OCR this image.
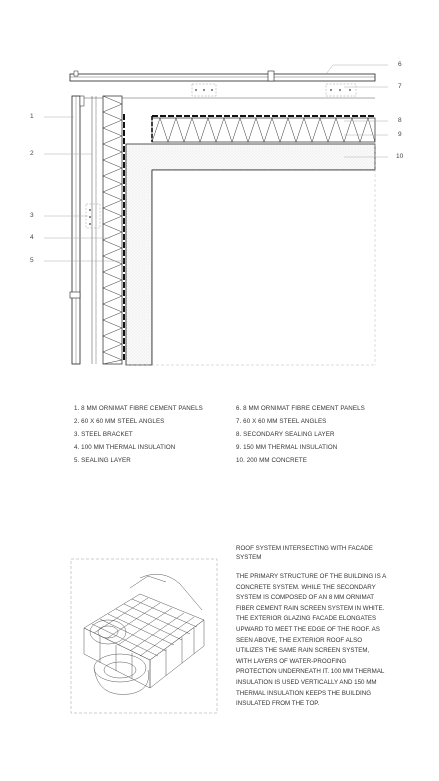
1
2
3
4
5
6
7
8
9
10
1. 8 MM ORNIMAT FIBRE CEMENT PANELS
2. 60 X 60 MM STEEL ANGLES
3. STEEL BRACKET
4. 100 MM THERMAL INSULATION
5. SEALING LAYER
6. 8 MM ORNIMAT FIBRE CEMENT PANELS
7. 60 X 60 MM STEEL ANGLES
8. SECONDARY SEALING LAYER
9. 150 MM THERMAL INSULATION
10. 200 MM CONCRETE
ROOF SYSTEM INTERSECTING WITH FACADE SYSTEM
THE PRIMARY STRUCTURE OF THE BUILDING IS A CONCRETE SYSTEM. WHILE THE SECONDARY SYSTEM IS COMPOSED OF AN 8 MM ORNIMAT FIBER CEMENT RAIN SCREEN SYSTEM IN WHITE. THE EXTERIOR GLAZING FACADE ELONGATES UPWARD TO MEET THE EDGE OF THE ROOF. AS SEEN ABOVE, THE EXTERIOR ROOF ALSO UTILIZES THE SAME RAIN SCREEN SYSTEM, WITH LAYERS OF WATER-PROOFING PROTECTION UNDERNEATH IT. 100 MM THERMAL INSULATION IS USED VERTICALLY AND 150 MM THERMAL INSULATION KEEPS THE BUILDING INSULATED FROM THE TOP.
